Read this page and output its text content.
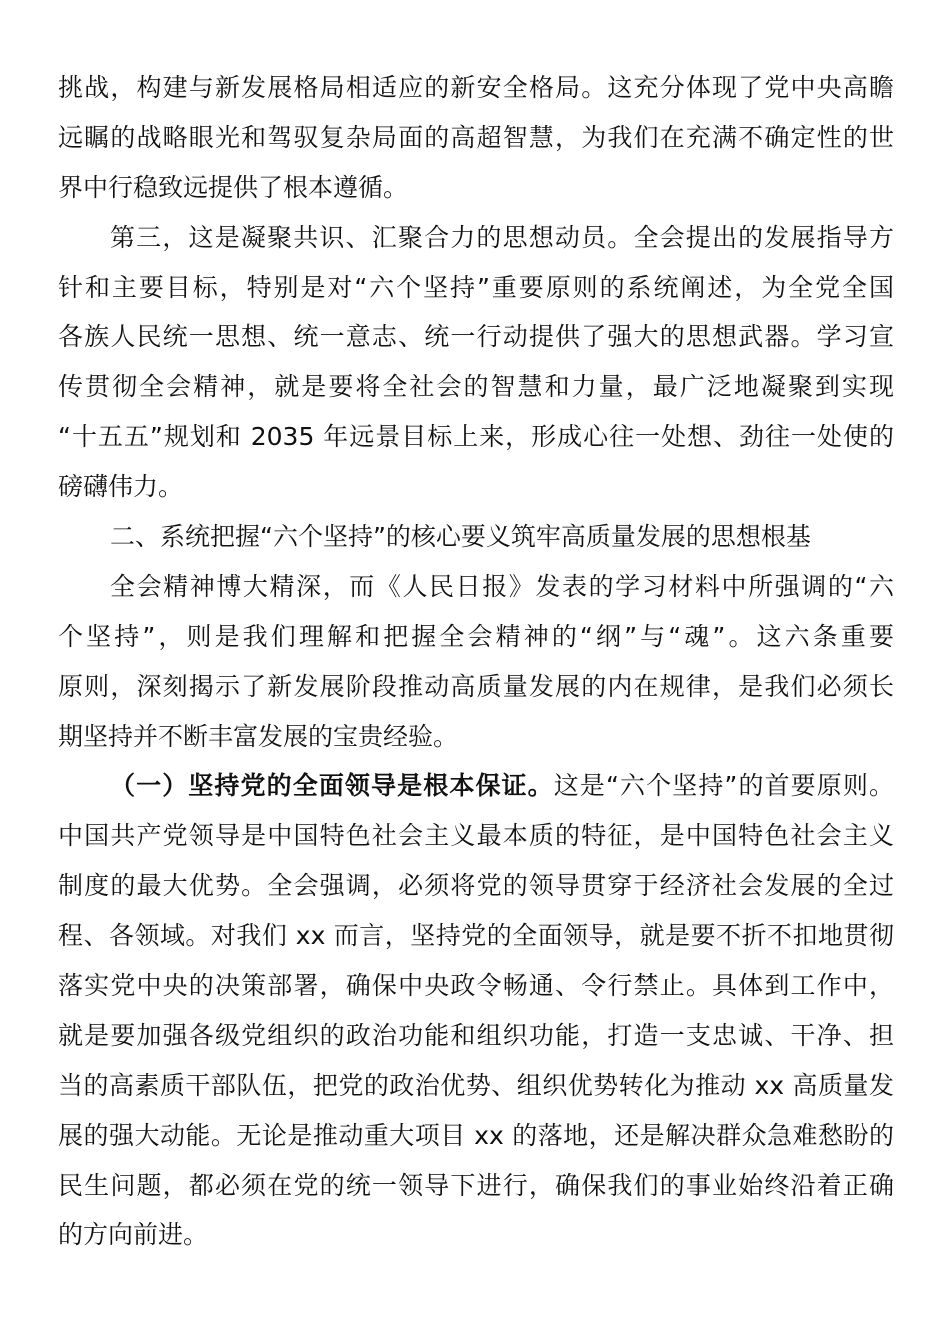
挑战，构建与新发展格局相适应的新安全格局。这充分体现了党中央高瞻
远瞩的战略眼光和驾驭复杂局面的高超智慧，为我们在充满不确定性的世
界中行稳致远提供了根本遵循。
第三，这是凝聚共识、汇聚合力的思想动员。全会提出的发展指导方
针和主要目标，特别是对“六个坚持”重要原则的系统阐述，为全党全国
各族人民统一思想、统一意志、统一行动提供了强大的思想武器。学习宣
传贯彻全会精神，就是要将全社会的智慧和力量，最广泛地凝聚到实现
“十五五”规划和 2035 年远景目标上来，形成心往一处想、劲往一处使的
磅礴伟力。
二、系统把握“六个坚持”的核心要义筑牢高质量发展的思想根基
全会精神博大精深，而《人民日报》发表的学习材料中所强调的“六
个坚持”，则是我们理解和把握全会精神的“纲”与“魂”。这六条重要
原则，深刻揭示了新发展阶段推动高质量发展的内在规律，是我们必须长
期坚持并不断丰富发展的宝贵经验。
（一）坚持党的全面领导是根本保证。这是“六个坚持”的首要原则。
中国共产党领导是中国特色社会主义最本质的特征，是中国特色社会主义
制度的最大优势。全会强调，必须将党的领导贯穿于经济社会发展的全过
程、各领域。对我们 xx 而言，坚持党的全面领导，就是要不折不扣地贯彻
落实党中央的决策部署，确保中央政令畅通、令行禁止。具体到工作中，
就是要加强各级党组织的政治功能和组织功能，打造一支忠诚、干净、担
当的高素质干部队伍，把党的政治优势、组织优势转化为推动 xx 高质量发
展的强大动能。无论是推动重大项目 xx 的落地，还是解决群众急难愁盼的
民生问题，都必须在党的统一领导下进行，确保我们的事业始终沿着正确
的方向前进。
